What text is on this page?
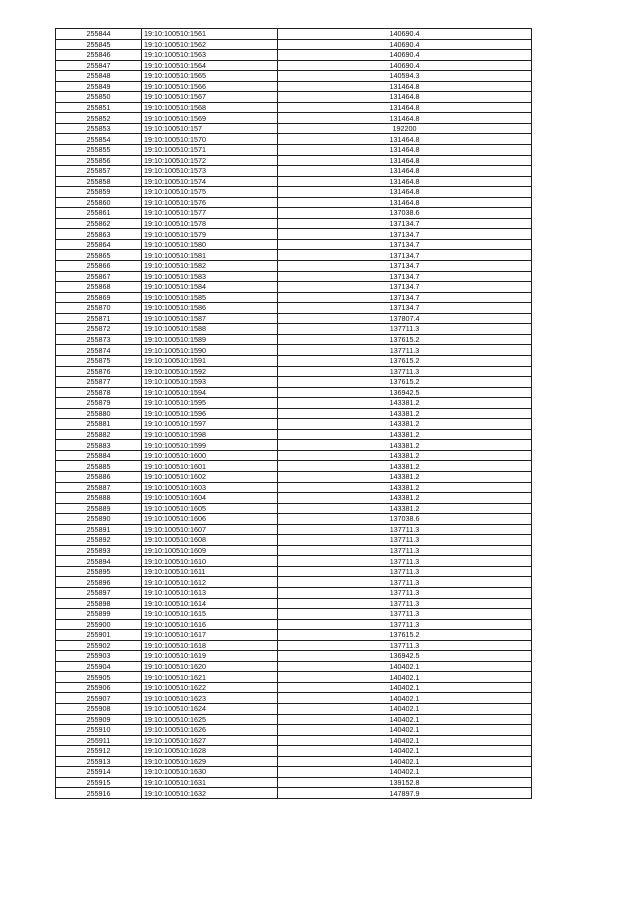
255844	19:10:100510:1561	140690.4
255845	19:10:100510:1562	140690.4
255846	19:10:100510:1563	140690.4
255847	19:10:100510:1564	140690.4
255848	19:10:100510:1565	140594.3
255849	19:10:100510:1566	131464.8
255850	19:10:100510:1567	131464.8
255851	19:10:100510:1568	131464.8
255852	19:10:100510:1569	131464.8
255853	19:10:100510:157	192200
255854	19:10:100510:1570	131464.8
255855	19:10:100510:1571	131464.8
255856	19:10:100510:1572	131464.8
255857	19:10:100510:1573	131464.8
255858	19:10:100510:1574	131464.8
255859	19:10:100510:1575	131464.8
255860	19:10:100510:1576	131464.8
255861	19:10:100510:1577	137038.6
255862	19:10:100510:1578	137134.7
255863	19:10:100510:1579	137134.7
255864	19:10:100510:1580	137134.7
255865	19:10:100510:1581	137134.7
255866	19:10:100510:1582	137134.7
255867	19:10:100510:1583	137134.7
255868	19:10:100510:1584	137134.7
255869	19:10:100510:1585	137134.7
255870	19:10:100510:1586	137134.7
255871	19:10:100510:1587	137807.4
255872	19:10:100510:1588	137711.3
255873	19:10:100510:1589	137615.2
255874	19:10:100510:1590	137711.3
255875	19:10:100510:1591	137615.2
255876	19:10:100510:1592	137711.3
255877	19:10:100510:1593	137615.2
255878	19:10:100510:1594	136942.5
255879	19:10:100510:1595	143381.2
255880	19:10:100510:1596	143381.2
255881	19:10:100510:1597	143381.2
255882	19:10:100510:1598	143381.2
255883	19:10:100510:1599	143381.2
255884	19:10:100510:1600	143381.2
255885	19:10:100510:1601	143381.2
255886	19:10:100510:1602	143381.2
255887	19:10:100510:1603	143381.2
255888	19:10:100510:1604	143381.2
255889	19:10:100510:1605	143381.2
255890	19:10:100510:1606	137038.6
255891	19:10:100510:1607	137711.3
255892	19:10:100510:1608	137711.3
255893	19:10:100510:1609	137711.3
255894	19:10:100510:1610	137711.3
255895	19:10:100510:1611	137711.3
255896	19:10:100510:1612	137711.3
255897	19:10:100510:1613	137711.3
255898	19:10:100510:1614	137711.3
255899	19:10:100510:1615	137711.3
255900	19:10:100510:1616	137711.3
255901	19:10:100510:1617	137615.2
255902	19:10:100510:1618	137711.3
255903	19:10:100510:1619	136942.5
255904	19:10:100510:1620	140402.1
255905	19:10:100510:1621	140402.1
255906	19:10:100510:1622	140402.1
255907	19:10:100510:1623	140402.1
255908	19:10:100510:1624	140402.1
255909	19:10:100510:1625	140402.1
255910	19:10:100510:1626	140402.1
255911	19:10:100510:1627	140402.1
255912	19:10:100510:1628	140402.1
255913	19:10:100510:1629	140402.1
255914	19:10:100510:1630	140402.1
255915	19:10:100510:1631	139152.8
255916	19:10:100510:1632	147897.9
